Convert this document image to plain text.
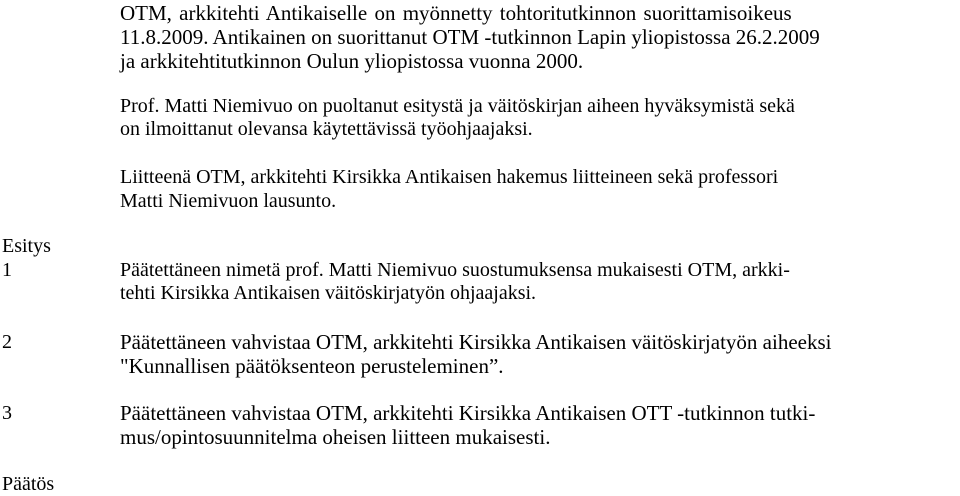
OTM, arkkitehti Antikaiselle on myönnetty tohtoritutkinnon suorittamisoikeus
11.8.2009. Antikainen on suorittanut OTM -tutkinnon Lapin yliopistossa 26.2.2009
ja arkkitehtitutkinnon Oulun yliopistossa vuonna 2000.
Prof. Matti Niemivuo on puoltanut esitystä ja väitöskirjan aiheen hyväksymistä sekä
on ilmoittanut olevansa käytettävissä työohjaajaksi.
Liitteenä OTM, arkkitehti Kirsikka Antikaisen hakemus liitteineen sekä professori
Matti Niemivuon lausunto.
Esitys
1	Päätettäneen nimetä prof. Matti Niemivuo suostumuksensa mukaisesti OTM, arkki-
tehti Kirsikka Antikaisen väitöskirjatyön ohjaajaksi.
2	Päätettäneen vahvistaa OTM, arkkitehti Kirsikka Antikaisen väitöskirjatyön aiheeksi
"Kunnallisen päätöksenteon perusteleminen”.
3	Päätettäneen vahvistaa OTM, arkkitehti Kirsikka Antikaisen OTT -tutkinnon tutki-
mus/opintosuunnitelma oheisen liitteen mukaisesti.
Päätös
